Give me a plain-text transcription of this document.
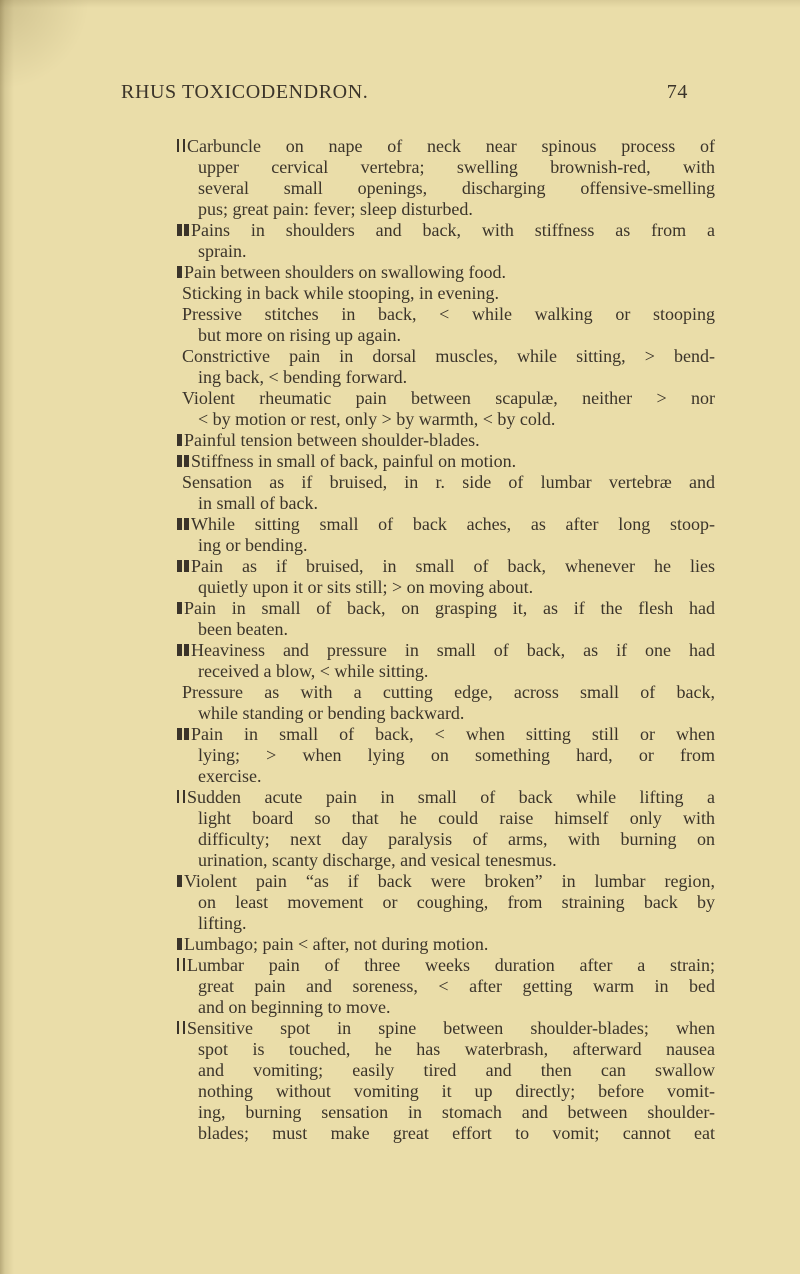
RHUS TOXICODENDRON.	74
Carbuncle on nape of neck near spinous process of
upper cervical vertebra; swelling brownish-red, with
several small openings, discharging offensive-smelling
pus; great pain: fever; sleep disturbed.
Pains in shoulders and back, with stiffness as from a
sprain.
Pain between shoulders on swallowing food.
Sticking in back while stooping, in evening.
Pressive stitches in back, < while walking or stooping
but more on rising up again.
Constrictive pain in dorsal muscles, while sitting, > bend-
ing back, < bending forward.
Violent rheumatic pain between scapulæ, neither > nor
< by motion or rest, only > by warmth, < by cold.
Painful tension between shoulder-blades.
Stiffness in small of back, painful on motion.
Sensation as if bruised, in r. side of lumbar vertebræ and
in small of back.
While sitting small of back aches, as after long stoop-
ing or bending.
Pain as if bruised, in small of back, whenever he lies
quietly upon it or sits still; > on moving about.
Pain in small of back, on grasping it, as if the flesh had
been beaten.
Heaviness and pressure in small of back, as if one had
received a blow, < while sitting.
Pressure as with a cutting edge, across small of back,
while standing or bending backward.
Pain in small of back, < when sitting still or when
lying; > when lying on something hard, or from
exercise.
Sudden acute pain in small of back while lifting a
light board so that he could raise himself only with
difficulty; next day paralysis of arms, with burning on
urination, scanty discharge, and vesical tenesmus.
Violent pain “as if back were broken” in lumbar region,
on least movement or coughing, from straining back by
lifting.
Lumbago; pain < after, not during motion.
Lumbar pain of three weeks duration after a strain;
great pain and soreness, < after getting warm in bed
and on beginning to move.
Sensitive spot in spine between shoulder-blades; when
spot is touched, he has waterbrash, afterward nausea
and vomiting; easily tired and then can swallow
nothing without vomiting it up directly; before vomit-
ing, burning sensation in stomach and between shoulder-
blades; must make great effort to vomit; cannot eat
